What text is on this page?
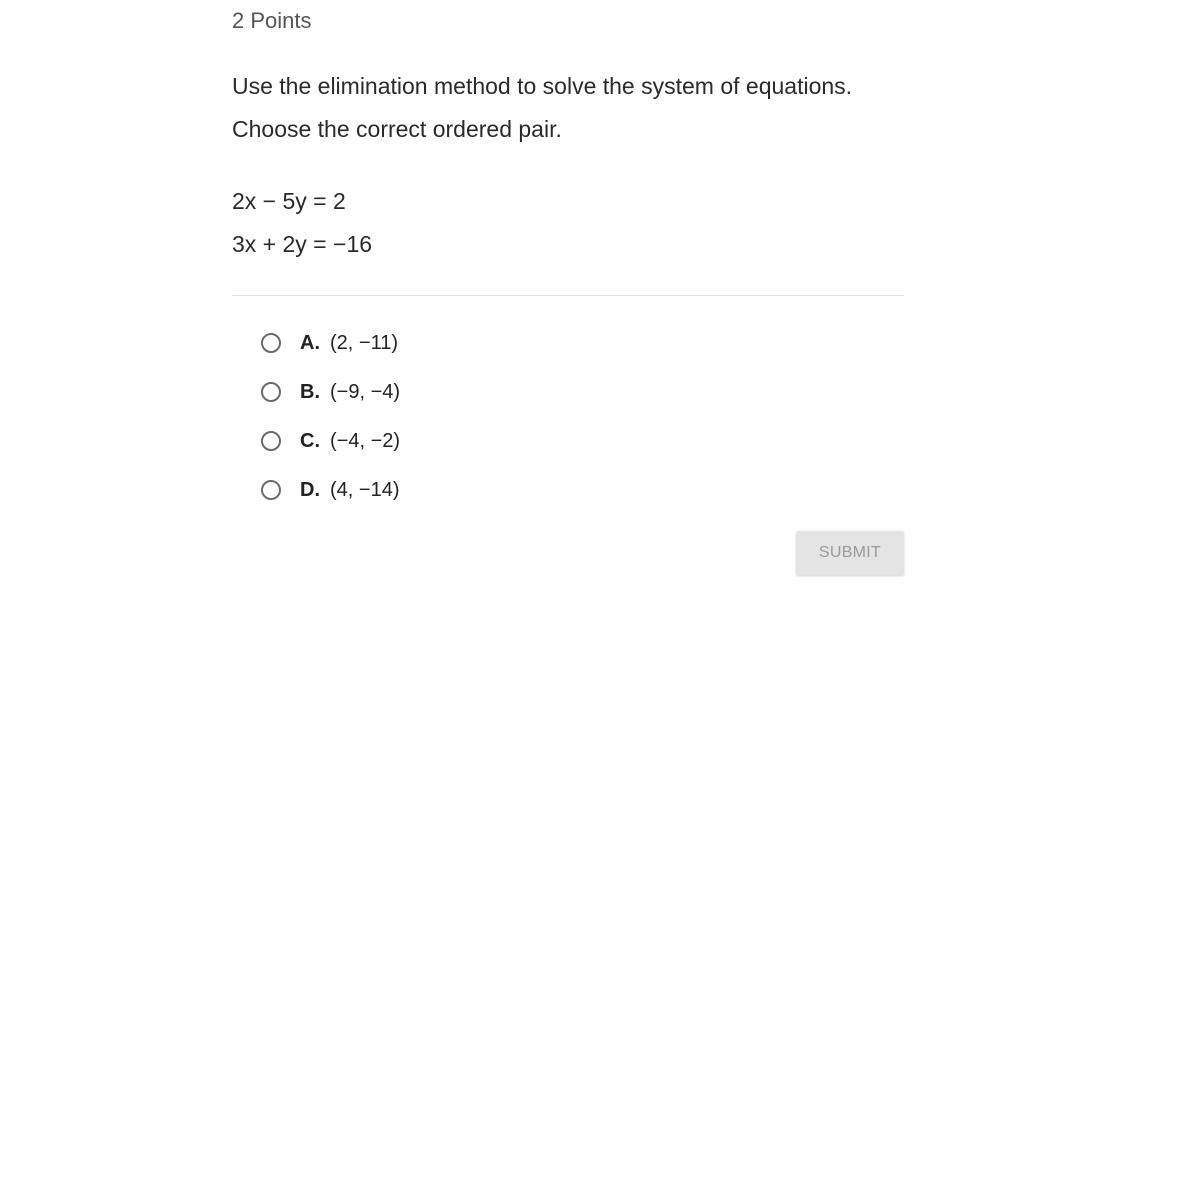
2 Points
Use the elimination method to solve the system of equations.
Choose the correct ordered pair.
2x − 5y = 2
3x + 2y = −16
A. (2, −11)
B. (−9, −4)
C. (−4, −2)
D. (4, −14)
SUBMIT
